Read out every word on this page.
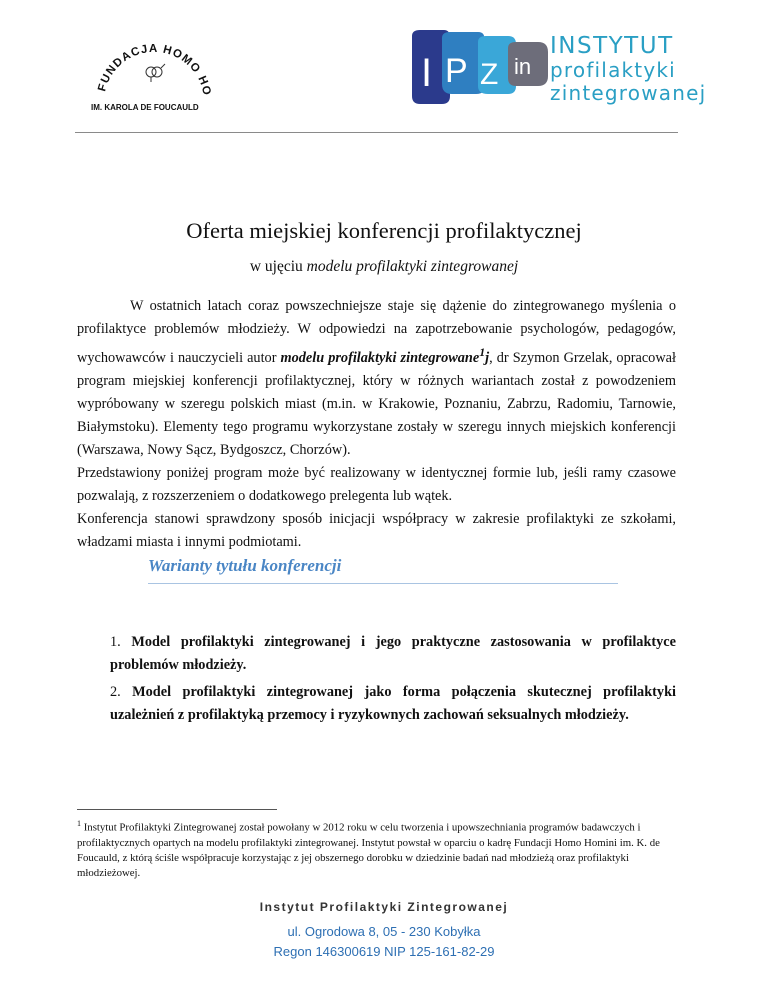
FUNDACJA HOMO HO
IM. KAROLA DE FOUCAULD
I P Z in
INSTYTUT
profilaktyki
zintegrowanej
Oferta miejskiej konferencji profilaktycznej
w ujęciu modelu profilaktyki zintegrowanej

W ostatnich latach coraz powszechniejsze staje się dążenie do zintegrowanego myślenia o profilaktyce problemów młodzieży. W odpowiedzi na zapotrzebowanie psychologów, pedagogów, wychowawców i nauczycieli autor modelu profilaktyki zintegrowane$^1$j, dr Szymon Grzelak, opracował program miejskiej konferencji profilaktycznej, który w różnych wariantach został z powodzeniem wypróbowany w szeregu polskich miast (m.in. w Krakowie, Poznaniu, Zabrzu, Radomiu, Tarnowie, Białymstoku). Elementy tego programu wykorzystane zostały w szeregu innych miejskich konferencji (Warszawa, Nowy Sącz, Bydgoszcz, Chorzów).

Przedstawiony poniżej program może być realizowany w identycznej formie lub, jeśli ramy czasowe pozwalają, z rozszerzeniem o dodatkowego prelegenta lub wątek.

Konferencja stanowi sprawdzony sposób inicjacji współpracy w zakresie profilaktyki ze szkołami, władzami miasta i innymi podmiotami.

Warianty tytułu konferencji
1. Model profilaktyki zintegrowanej i jego praktyczne zastosowania w profilaktyce problemów młodzieży.
2. Model profilaktyki zintegrowanej jako forma połączenia skutecznej profilaktyki uzależnień z profilaktyką przemocy i ryzykownych zachowań seksualnych młodzieży.
$^1$ Instytut Profilaktyki Zintegrowanej został powołany w 2012 roku w celu tworzenia i upowszechniania programów badawczych i profilaktycznych opartych na modelu profilaktyki zintegrowanej. Instytut powstał w oparciu o kadrę Fundacji Homo Homini im. K. de Foucauld, z którą ściśle współpracuje korzystając z jej obszernego dorobku w dziedzinie badań nad młodzieżą oraz profilaktyki młodzieżowej.
Instytut Profilaktyki Zintegrowanej
ul. Ogrodowa 8, 05 - 230 Kobyłka
Regon 146300619 NIP 125-161-82-29
